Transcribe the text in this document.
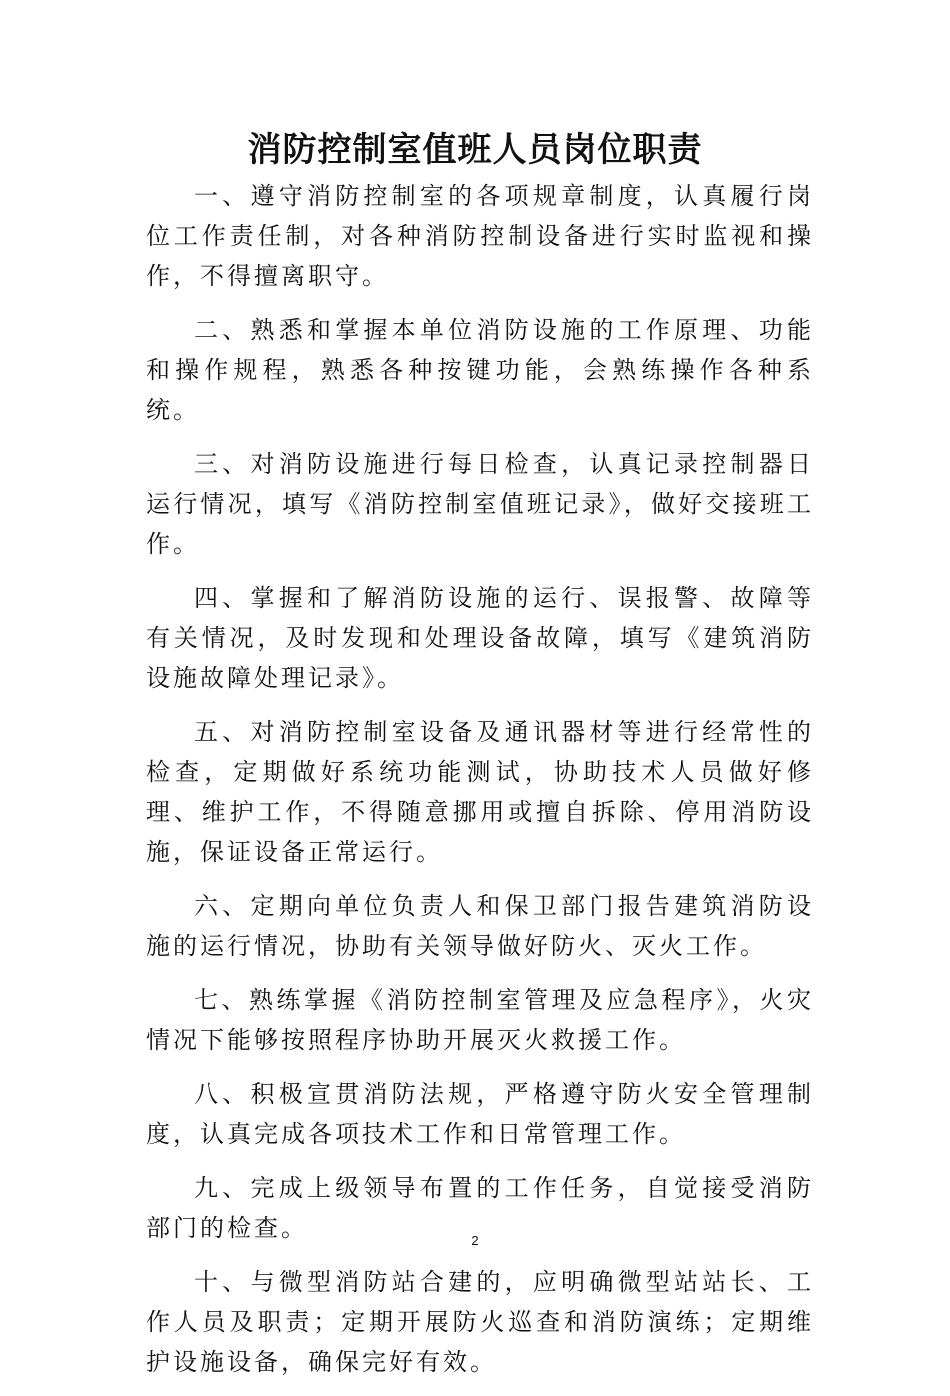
消防控制室值班人员岗位职责

一、遵守消防控制室的各项规章制度，认真履行岗位工作责任制，对各种消防控制设备进行实时监视和操作，不得擅离职守。

二、熟悉和掌握本单位消防设施的工作原理、功能和操作规程，熟悉各种按键功能，会熟练操作各种系统。

三、对消防设施进行每日检查，认真记录控制器日运行情况，填写《消防控制室值班记录》，做好交接班工作。

四、掌握和了解消防设施的运行、误报警、故障等有关情况，及时发现和处理设备故障，填写《建筑消防设施故障处理记录》。

五、对消防控制室设备及通讯器材等进行经常性的检查，定期做好系统功能测试，协助技术人员做好修理、维护工作，不得随意挪用或擅自拆除、停用消防设施，保证设备正常运行。

六、定期向单位负责人和保卫部门报告建筑消防设施的运行情况，协助有关领导做好防火、灭火工作。

七、熟练掌握《消防控制室管理及应急程序》，火灾情况下能够按照程序协助开展灭火救援工作。

八、积极宣贯消防法规，严格遵守防火安全管理制度，认真完成各项技术工作和日常管理工作。

九、完成上级领导布置的工作任务，自觉接受消防部门的检查。

十、与微型消防站合建的，应明确微型站站长、工作人员及职责；定期开展防火巡查和消防演练；定期维护设施设备，确保完好有效。

2
